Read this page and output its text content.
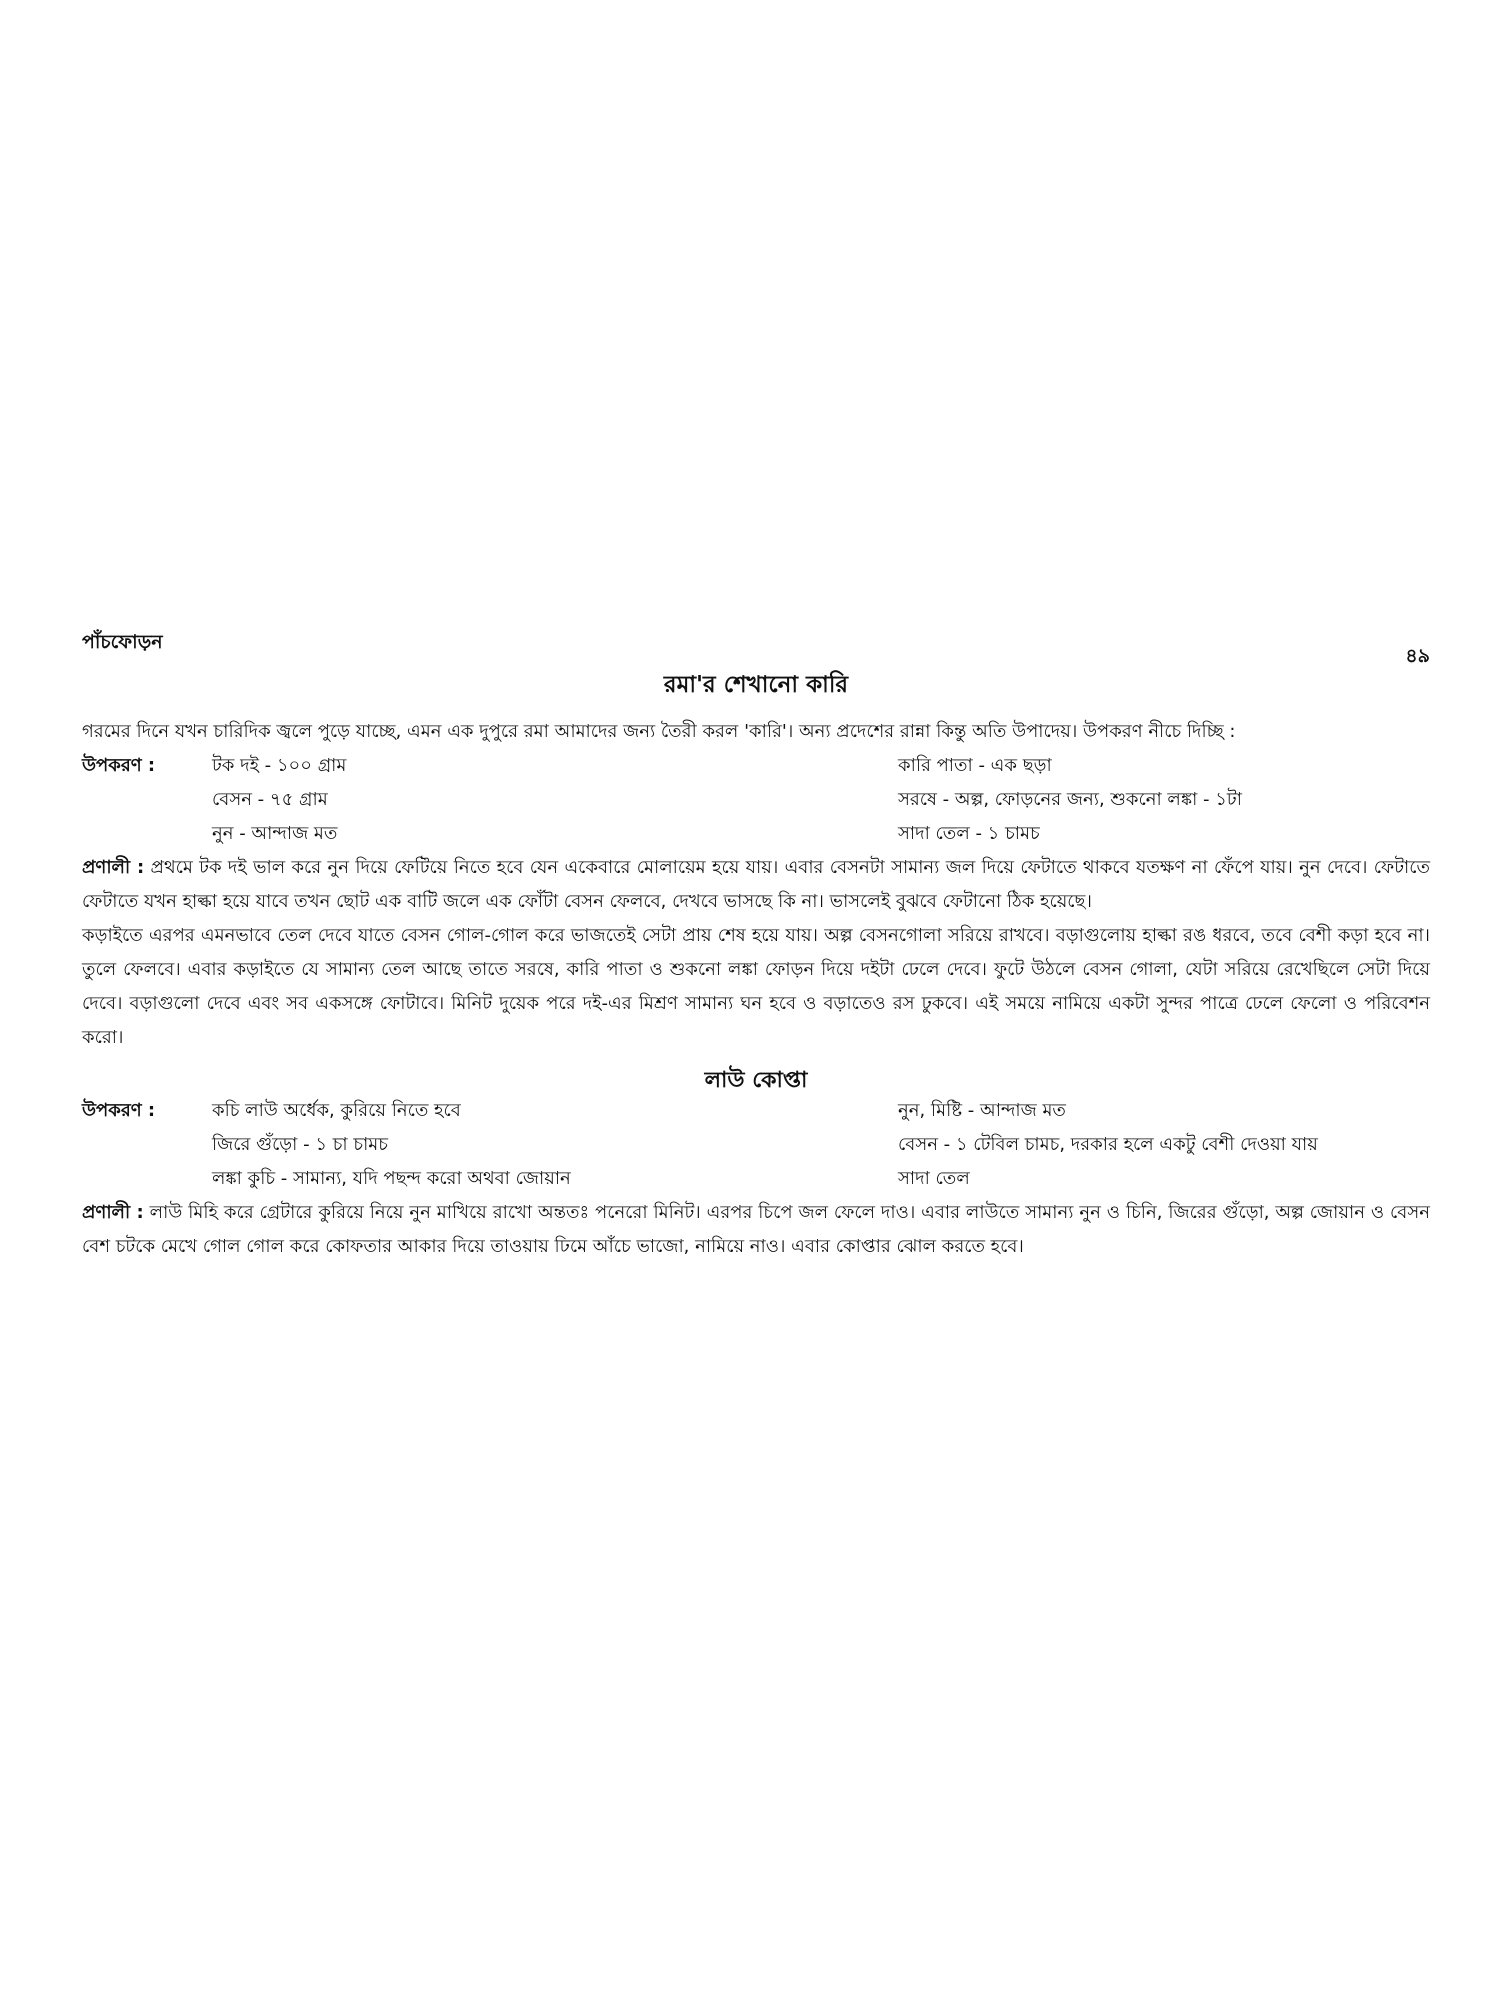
পাঁচফোড়ন
৪৯
রমা'র শেখানো কারি

গরমের দিনে যখন চারিদিক জ্বলে পুড়ে যাচ্ছে, এমন এক দুপুরে রমা আমাদের জন্য তৈরী করল 'কারি'। অন্য প্রদেশের রান্না কিন্তু অতি উপাদেয়। উপকরণ নীচে দিচ্ছি :

উপকরণ :	টক দই - ১০০ গ্রাম	কারি পাতা - এক ছড়া
বেসন - ৭৫ গ্রাম	সরষে - অল্প, ফোড়নের জন্য, শুকনো লঙ্কা - ১টা
নুন - আন্দাজ মত	সাদা তেল - ১ চামচ

প্রণালী : প্রথমে টক দই ভাল করে নুন দিয়ে ফেটিয়ে নিতে হবে যেন একেবারে মোলায়েম হয়ে যায়। এবার বেসনটা সামান্য জল দিয়ে ফেটাতে থাকবে যতক্ষণ না ফেঁপে যায়। নুন দেবে। ফেটাতে ফেটাতে যখন হাল্কা হয়ে যাবে তখন ছোট এক বাটি জলে এক ফোঁটা বেসন ফেলবে, দেখবে ভাসছে কি না। ভাসলেই বুঝবে ফেটানো ঠিক হয়েছে।

কড়াইতে এরপর এমনভাবে তেল দেবে যাতে বেসন গোল-গোল করে ভাজতেই সেটা প্রায় শেষ হয়ে যায়। অল্প বেসনগোলা সরিয়ে রাখবে। বড়াগুলোয় হাল্কা রঙ ধরবে, তবে বেশী কড়া হবে না। তুলে ফেলবে। এবার কড়াইতে যে সামান্য তেল আছে তাতে সরষে, কারি পাতা ও শুকনো লঙ্কা ফোড়ন দিয়ে দইটা ঢেলে দেবে। ফুটে উঠলে বেসন গোলা, যেটা সরিয়ে রেখেছিলে সেটা দিয়ে দেবে। বড়াগুলো দেবে এবং সব একসঙ্গে ফোটাবে। মিনিট দুয়েক পরে দই-এর মিশ্রণ সামান্য ঘন হবে ও বড়াতেও রস ঢুকবে। এই সময়ে নামিয়ে একটা সুন্দর পাত্রে ঢেলে ফেলো ও পরিবেশন করো।

লাউ কোপ্তা
উপকরণ :	কচি লাউ অর্ধেক, কুরিয়ে নিতে হবে	নুন, মিষ্টি - আন্দাজ মত
জিরে গুঁড়ো - ১ চা চামচ	বেসন - ১ টেবিল চামচ, দরকার হলে একটু বেশী দেওয়া যায়
লঙ্কা কুচি - সামান্য, যদি পছন্দ করো অথবা জোয়ান	সাদা তেল

প্রণালী : লাউ মিহি করে গ্রেটারে কুরিয়ে নিয়ে নুন মাখিয়ে রাখো অন্ততঃ পনেরো মিনিট। এরপর চিপে জল ফেলে দাও। এবার লাউতে সামান্য নুন ও চিনি, জিরের গুঁড়ো, অল্প জোয়ান ও বেসন বেশ চটকে মেখে গোল গোল করে কোফতার আকার দিয়ে তাওয়ায় ঢিমে আঁচে ভাজো, নামিয়ে নাও। এবার কোপ্তার ঝোল করতে হবে।
